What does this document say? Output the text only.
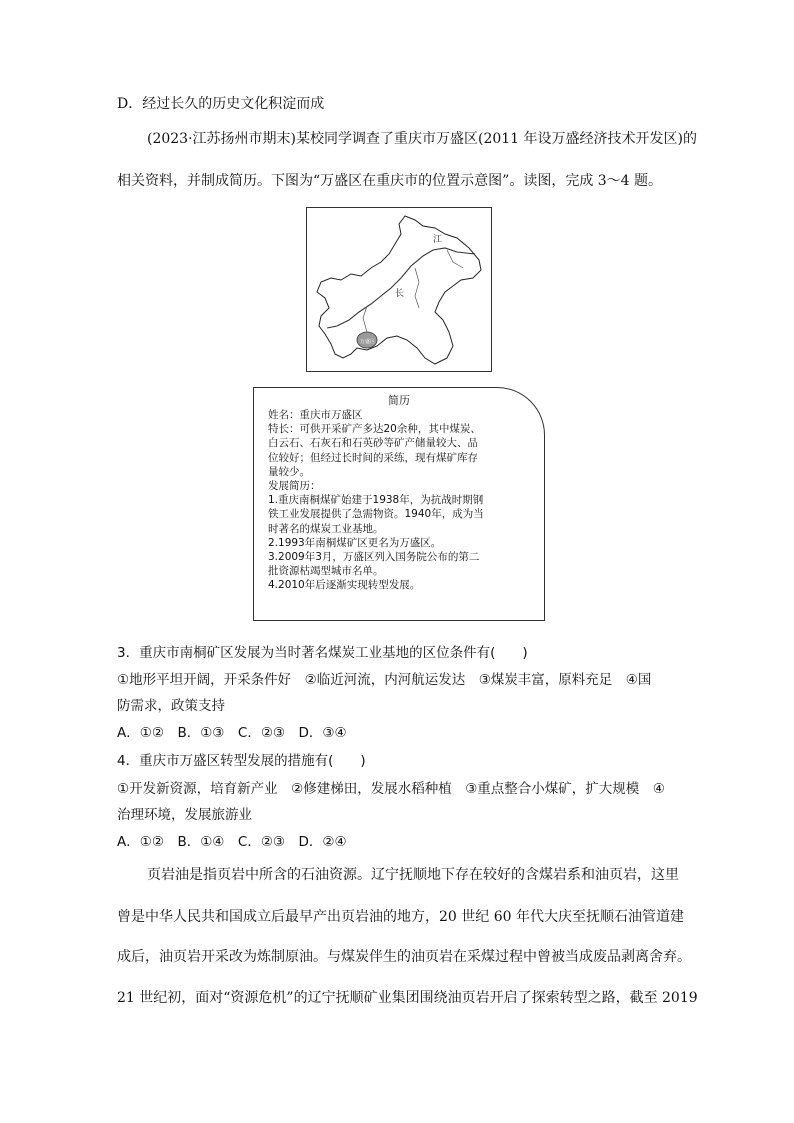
D．经过长久的历史文化积淀而成
(2023·江苏扬州市期末)某校同学调查了重庆市万盛区(2011 年设万盛经济技术开发区)的
相关资料，并制成简历。下图为“万盛区在重庆市的位置示意图”。读图，完成 3～4 题。
江
长
万盛区
简历
姓名：重庆市万盛区
特长：可供开采矿产多达20余种，其中煤炭、
白云石、石灰石和石英砂等矿产储量较大、品
位较好；但经过长时间的采练，现有煤矿库存
量较少。
发展简历：
1.重庆南桐煤矿始建于1938年，为抗战时期钢
铁工业发展提供了急需物资。1940年，成为当
时著名的煤炭工业基地。
2.1993年南桐煤矿区更名为万盛区。
3.2009年3月，万盛区列入国务院公布的第二
批资源枯竭型城市名单。
4.2010年后逐渐实现转型发展。
3．重庆市南桐矿区发展为当时著名煤炭工业基地的区位条件有(　　)
①地形平坦开阔，开采条件好　②临近河流，内河航运发达　③煤炭丰富，原料充足　④国
防需求，政策支持
A．①②　B．①③　C．②③　D．③④
4．重庆市万盛区转型发展的措施有(　　)
①开发新资源，培育新产业　②修建梯田，发展水稻种植　③重点整合小煤矿，扩大规模　④
治理环境，发展旅游业
A．①②　B．①④　C．②③　D．②④
页岩油是指页岩中所含的石油资源。辽宁抚顺地下存在较好的含煤岩系和油页岩，这里
曾是中华人民共和国成立后最早产出页岩油的地方，20 世纪 60 年代大庆至抚顺石油管道建
成后，油页岩开采改为炼制原油。与煤炭伴生的油页岩在采煤过程中曾被当成废品剥离舍弃。
21 世纪初，面对“资源危机”的辽宁抚顺矿业集团围绕油页岩开启了探索转型之路，截至 2019
